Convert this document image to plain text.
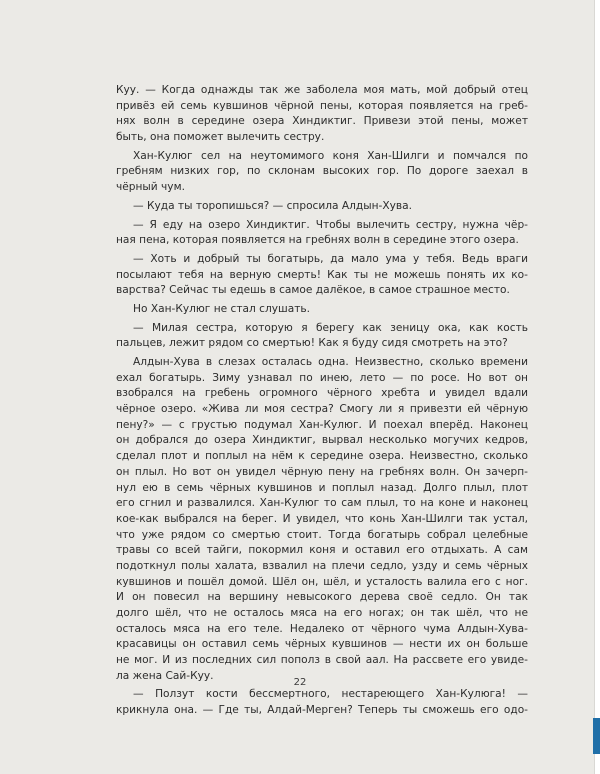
Куу. — Когда однажды так же заболела моя мать, мой добрый отец
привёз ей семь кувшинов чёрной пены, которая появляется на греб-
нях волн в середине озера Хиндиктиг. Привези этой пены, может
быть, она поможет вылечить сестру.
Хан-Кулюг сел на неутомимого коня Хан-Шилги и помчался по
гребням низких гор, по склонам высоких гор. По дороге заехал в
чёрный чум.
— Куда ты торопишься? — спросила Алдын-Хува.
— Я еду на озеро Хиндиктиг. Чтобы вылечить сестру, нужна чёр-
ная пена, которая появляется на гребнях волн в середине этого озера.
— Хоть и добрый ты богатырь, да мало ума у тебя. Ведь враги
посылают тебя на верную смерть! Как ты не можешь понять их ко-
варства? Сейчас ты едешь в самое далёкое, в самое страшное место.
Но Хан-Кулюг не стал слушать.
— Милая сестра, которую я берегу как зеницу ока, как кость
пальцев, лежит рядом со смертью! Как я буду сидя смотреть на это?
Алдын-Хува в слезах осталась одна. Неизвестно, сколько времени
ехал богатырь. Зиму узнавал по инею, лето — по росе. Но вот он
взобрался на гребень огромного чёрного хребта и увидел вдали
чёрное озеро. «Жива ли моя сестра? Смогу ли я привезти ей чёрную
пену?» — с грустью подумал Хан-Кулюг. И поехал вперёд. Наконец
он добрался до озера Хиндиктиг, вырвал несколько могучих кедров,
сделал плот и поплыл на нём к середине озера. Неизвестно, сколько
он плыл. Но вот он увидел чёрную пену на гребнях волн. Он зачерп-
нул ею в семь чёрных кувшинов и поплыл назад. Долго плыл, плот
его сгнил и развалился. Хан-Кулюг то сам плыл, то на коне и наконец
кое-как выбрался на берег. И увидел, что конь Хан-Шилги так устал,
что уже рядом со смертью стоит. Тогда богатырь собрал целебные
травы со всей тайги, покормил коня и оставил его отдыхать. А сам
подоткнул полы халата, взвалил на плечи седло, узду и семь чёрных
кувшинов и пошёл домой. Шёл он, шёл, и усталость валила его с ног.
И он повесил на вершину невысокого дерева своё седло. Он так
долго шёл, что не осталось мяса на его ногах; он так шёл, что не
осталось мяса на его теле. Недалеко от чёрного чума Алдын-Хува-
красавицы он оставил семь чёрных кувшинов — нести их он больше
не мог. И из последних сил пополз в свой аал. На рассвете его увиде-
ла жена Сай-Куу.
— Ползут кости бессмертного, нестареющего Хан-Кулюга! —
крикнула она. — Где ты, Алдай-Мерген? Теперь ты сможешь его одо-
22
